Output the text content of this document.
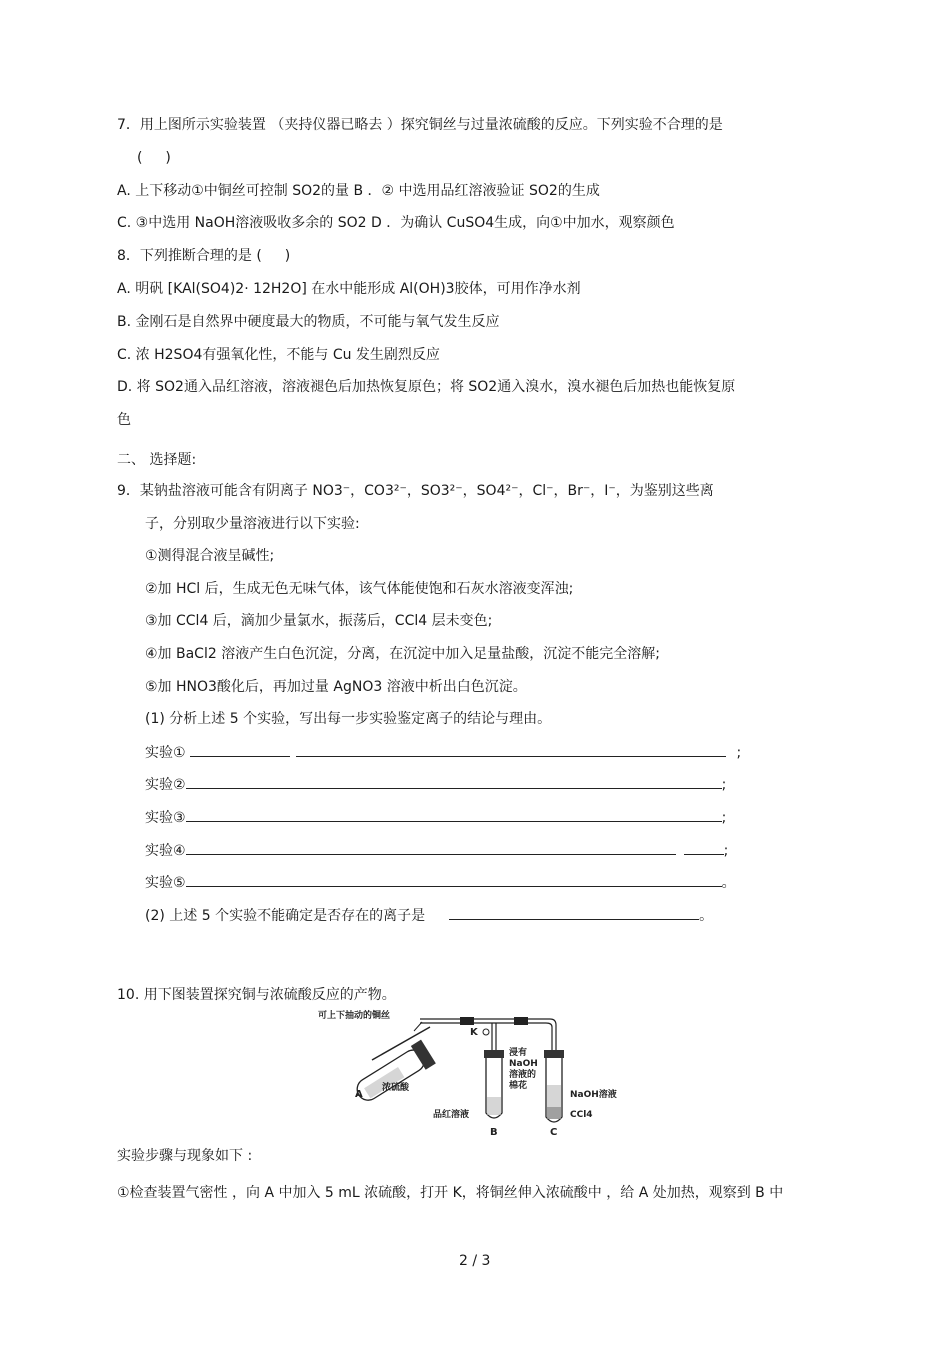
7．用上图所示实验装置 （夹持仪器已略去 ）探究铜丝与过量浓硫酸的反应。下列实验不合理的是
( 　 )
A. 上下移动①中铜丝可控制 SO2的量 B ．② 中选用品红溶液验证 SO2的生成
C. ③中选用 NaOH溶液吸收多余的 SO2 D ．为确认 CuSO4生成，向①中加水，观察颜色
8．下列推断合理的是 ( 　 )
A. 明矾 [KAl(SO4)2· 12H2O] 在水中能形成 Al(OH)3胶体，可用作净水剂
B. 金刚石是自然界中硬度最大的物质，不可能与氧气发生反应
C. 浓 H2SO4有强氧化性，不能与 Cu 发生剧烈反应
D. 将 SO2通入品红溶液，溶液褪色后加热恢复原色；将 SO2通入溴水，溴水褪色后加热也能恢复原
色
二、 选择题:
9．某钠盐溶液可能含有阴离子 NO3⁻，CO3²⁻，SO3²⁻，SO4²⁻，Cl⁻，Br⁻，I⁻，为鉴别这些离
子，分别取少量溶液进行以下实验:
①测得混合液呈碱性;
②加 HCl 后，生成无色无味气体，该气体能使饱和石灰水溶液变浑浊;
③加 CCl4 后，滴加少量氯水，振荡后，CCl4 层未变色;
④加 BaCl2 溶液产生白色沉淀，分离，在沉淀中加入足量盐酸，沉淀不能完全溶解;
⑤加 HNO3酸化后，再加过量 AgNO3 溶液中析出白色沉淀。
(1) 分析上述 5 个实验，写出每一步实验鉴定离子的结论与理由。
实验①	;
实验②	;
实验③	;
实验④	;
实验⑤	。
(2) 上述 5 个实验不能确定是否存在的离子是	。
10. 用下图装置探究铜与浓硫酸反应的产物。
可上下抽动的铜丝
K
A
浓硫酸
品红溶液
B
浸有
NaOH
溶液的
棉花
NaOH溶液
CCl4
C
实验步骤与现象如下 :
①检查装置气密性 ，向 A 中加入 5 mL 浓硫酸，打开 K，将铜丝伸入浓硫酸中 ，给 A 处加热，观察到 B 中
2 / 3
